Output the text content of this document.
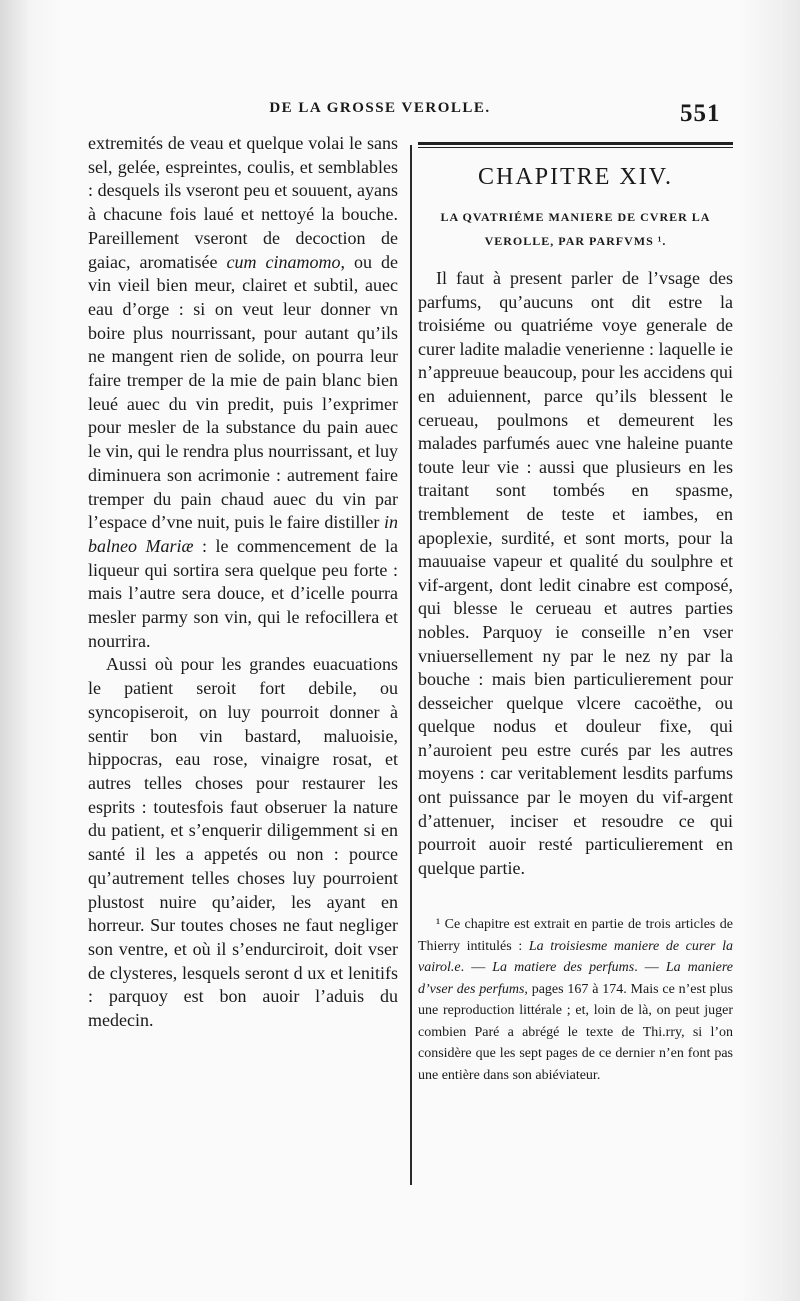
DE LA GROSSE VEROLLE.	551

extremités de veau et quelque volai le sans sel, gelée, espreintes, coulis, et semblables : desquels ils vseront peu et souuent, ayans à chacune fois laué et nettoyé la bouche. Pareillement vseront de decoction de gaiac, aromatisée cum cinamomo, ou de vin vieil bien meur, clairet et subtil, auec eau d’orge : si on veut leur donner vn boire plus nourrissant, pour autant qu’ils ne mangent rien de solide, on pourra leur faire tremper de la mie de pain blanc bien leué auec du vin predit, puis l’exprimer pour mesler de la substance du pain auec le vin, qui le rendra plus nourrissant, et luy diminuera son acrimonie : autrement faire tremper du pain chaud auec du vin par l’espace d’vne nuit, puis le faire distiller in balneo Mariæ : le commencement de la liqueur qui sortira sera quelque peu forte : mais l’autre sera douce, et d’icelle pourra mesler parmy son vin, qui le refocillera et nourrira.

Aussi où pour les grandes euacuations le patient seroit fort debile, ou syncopiseroit, on luy pourroit donner à sentir bon vin bastard, maluoisie, hippocras, eau rose, vinaigre rosat, et autres telles choses pour restaurer les esprits : toutesfois faut obseruer la nature du patient, et s’enquerir diligemment si en santé il les a appetés ou non : pource qu’autrement telles choses luy pourroient plustost nuire qu’aider, les ayant en horreur. Sur toutes choses ne faut negliger son ventre, et où il s’endurciroit, doit vser de clysteres, lesquels seront d ux et lenitifs : parquoy est bon auoir l’aduis du medecin.

CHAPITRE XIV.
LA QVATRIÉME MANIERE DE CVRER LA VEROLLE, PAR PARFVMS ¹.

Il faut à present parler de l’vsage des parfums, qu’aucuns ont dit estre la troisiéme ou quatriéme voye generale de curer ladite maladie venerienne : laquelle ie n’appreuue beaucoup, pour les accidens qui en aduiennent, parce qu’ils blessent le cerueau, poulmons et demeurent les malades parfumés auec vne haleine puante toute leur vie : aussi que plusieurs en les traitant sont tombés en spasme, tremblement de teste et iambes, en apoplexie, surdité, et sont morts, pour la mauuaise vapeur et qualité du soulphre et vif-argent, dont ledit cinabre est composé, qui blesse le cerueau et autres parties nobles. Parquoy ie conseille n’en vser vniuersellement ny par le nez ny par la bouche : mais bien particulierement pour desseicher quelque vlcere cacoëthe, ou quelque nodus et douleur fixe, qui n’auroient peu estre curés par les autres moyens : car veritablement lesdits parfums ont puissance par le moyen du vif-argent d’attenuer, inciser et resoudre ce qui pourroit auoir resté particulierement en quelque partie.

¹ Ce chapitre est extrait en partie de trois articles de Thierry intitulés : La troisiesme maniere de curer la vairol.e. — La matiere des perfums. — La maniere d’vser des perfums, pages 167 à 174. Mais ce n’est plus une reproduction littérale ; et, loin de là, on peut juger combien Paré a abrégé le texte de Thi.rry, si l’on considère que les sept pages de ce dernier n’en font pas une entière dans son abiéviateur.
